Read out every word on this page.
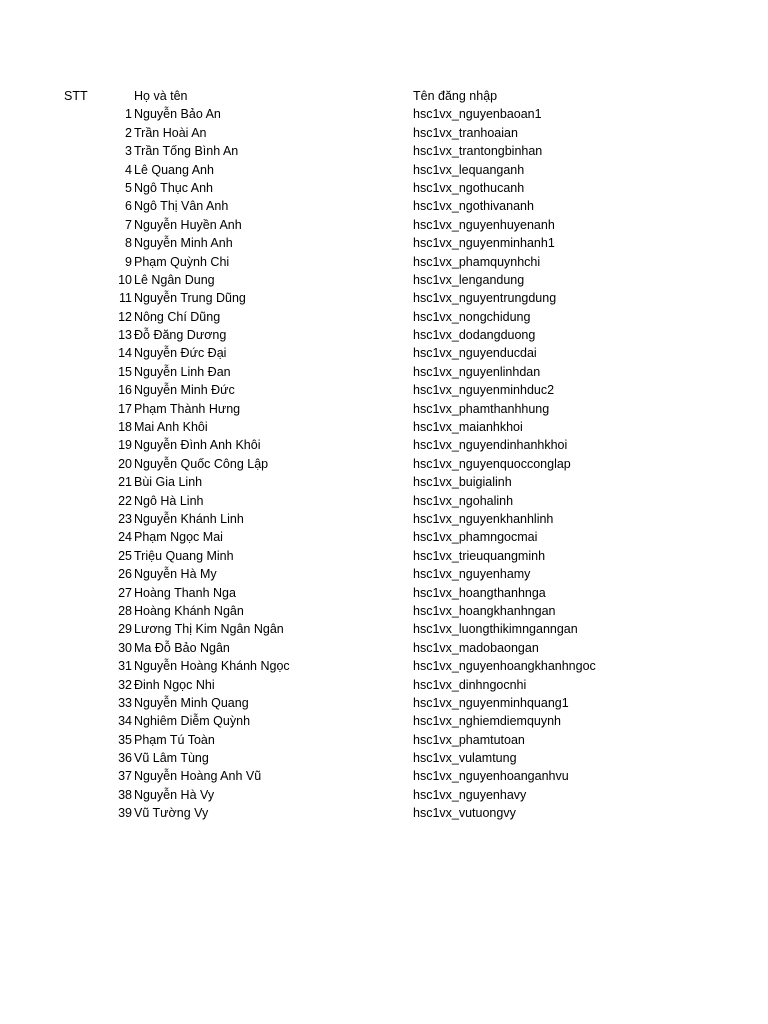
STT	Họ và tên	Tên đăng nhập
1 Nguyễn Bảo An	hsc1vx_nguyenbaoan1
2 Trần Hoài An	hsc1vx_tranhoaian
3 Trần Tống Bình An	hsc1vx_trantongbinhan
4 Lê Quang Anh	hsc1vx_lequanganh
5 Ngô Thục Anh	hsc1vx_ngothucanh
6 Ngô Thị Vân Anh	hsc1vx_ngothivananh
7 Nguyễn Huyền Anh	hsc1vx_nguyenhuyenanh
8 Nguyễn Minh Anh	hsc1vx_nguyenminhanh1
9 Phạm Quỳnh Chi	hsc1vx_phamquynhchi
10 Lê Ngân Dung	hsc1vx_lengandung
11 Nguyễn Trung Dũng	hsc1vx_nguyentrungdung
12 Nông Chí Dũng	hsc1vx_nongchidung
13 Đỗ Đăng Dương	hsc1vx_dodangduong
14 Nguyễn Đức Đại	hsc1vx_nguyenducdai
15 Nguyễn Linh Đan	hsc1vx_nguyenlinhdan
16 Nguyễn Minh Đức	hsc1vx_nguyenminhduc2
17 Phạm Thành Hưng	hsc1vx_phamthanhhung
18 Mai Anh Khôi	hsc1vx_maianhkhoi
19 Nguyễn Đình Anh Khôi	hsc1vx_nguyendinhanhkhoi
20 Nguyễn Quốc Công Lập	hsc1vx_nguyenquocconglap
21 Bùi Gia Linh	hsc1vx_buigialinh
22 Ngô Hà Linh	hsc1vx_ngohalinh
23 Nguyễn Khánh Linh	hsc1vx_nguyenkhanhlinh
24 Phạm Ngọc Mai	hsc1vx_phamngocmai
25 Triệu Quang Minh	hsc1vx_trieuquangminh
26 Nguyễn Hà My	hsc1vx_nguyenhamy
27 Hoàng Thanh Nga	hsc1vx_hoangthanhnga
28 Hoàng Khánh Ngân	hsc1vx_hoangkhanhngan
29 Lương Thị Kim Ngân Ngân	hsc1vx_luongthikimnganngan
30 Ma Đỗ Bảo Ngân	hsc1vx_madobaongan
31 Nguyễn Hoàng Khánh Ngọc	hsc1vx_nguyenhoangkhanhngoc
32 Đinh Ngọc Nhi	hsc1vx_dinhngocnhi
33 Nguyễn Minh Quang	hsc1vx_nguyenminhquang1
34 Nghiêm Diễm Quỳnh	hsc1vx_nghiemdiemquynh
35 Phạm Tú Toàn	hsc1vx_phamtutoan
36 Vũ Lâm Tùng	hsc1vx_vulamtung
37 Nguyễn Hoàng Anh Vũ	hsc1vx_nguyenhoanganhvu
38 Nguyễn Hà Vy	hsc1vx_nguyenhavy
39 Vũ Tường Vy	hsc1vx_vutuongvy
